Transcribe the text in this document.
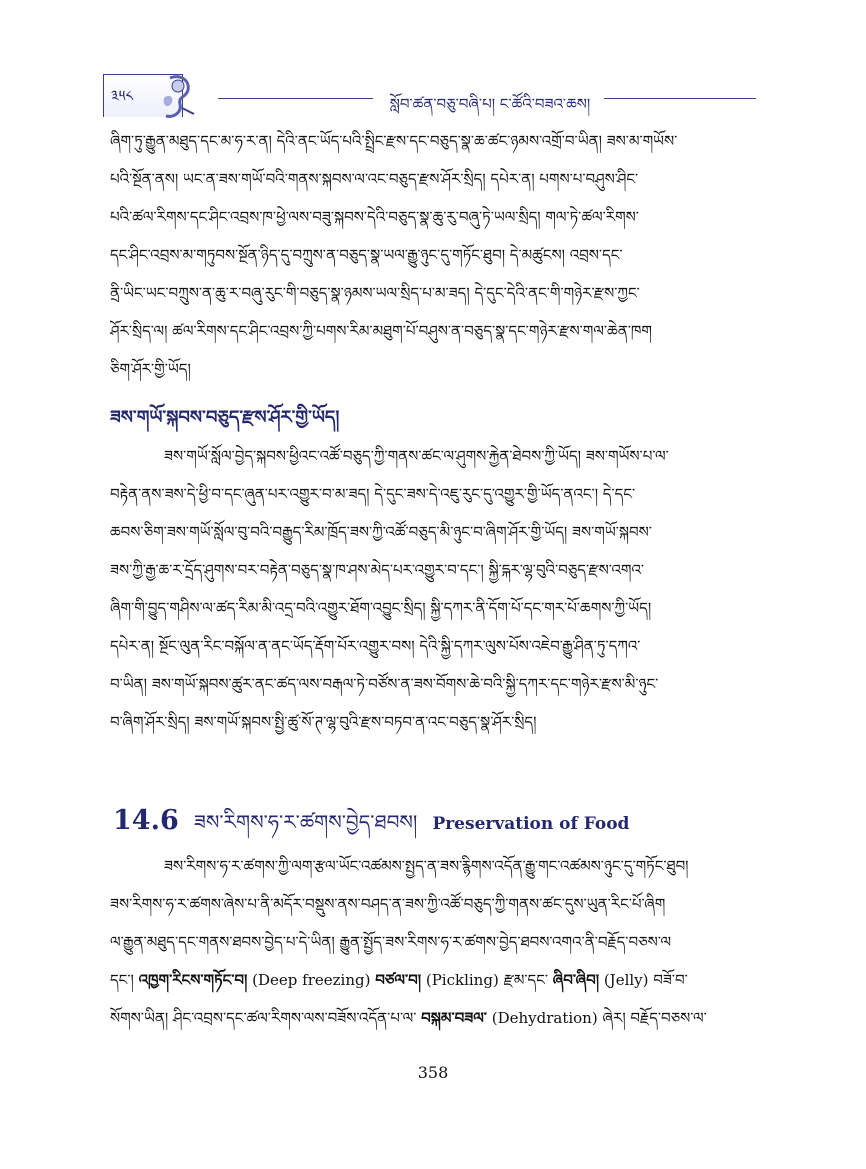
༣༥༨	སློབ་ཚན་བཅུ་བཞི་པ། ང་ཚོའི་བཟའ་ཆས།
ཞིག་ཏུ་རྒྱུན་མཐུད་དང་མ་ཧ་ར་ན། དེའི་ནང་ཡོད་པའི་སྤྲིང་རྫས་དང་བཅུད་སྣ་ཆ་ཚང་ཉམས་འགྲོ་བ་ཡིན། ཟས་མ་གཡོས་
པའི་སྔོན་ནས། ཡང་ན་ཟས་གཡོ་བའི་གནས་སྐབས་ལ་འང་བཅུད་རྫས་ཤོར་སྲིད། དཔེར་ན། པགས་པ་བཤུས་ཤིང་
པའི་ཚལ་རིགས་དང་ཤིང་འབྲས་ཁ་ཕྱེ་ལས་བཟུ་སྐབས་དེའི་བཅུད་སྣ་ཆུ་རུ་བཞུ་ཏེ་ཡལ་སྲིད། གལ་ཏེ་ཚལ་རིགས་
དང་ཤིང་འབྲས་མ་གཏུབས་སྔོན་ཉིད་དུ་བཀྲུས་ན་བཅུད་སྣ་ཡལ་རྒྱུ་ཉུང་དུ་གཏོང་ཐུབ། དེ་མཚུངས། འབྲས་དང་
ནྲི་ཡིང་ཡང་བཀྲུས་ན་ཆུ་ར་བཞུ་རུང་གི་བཅུད་སྣ་ཉམས་ཡལ་སྲིད་པ་མ་ཟད། དེ་དུང་དེའི་ནང་གི་གཉེར་རྫས་ཀྱང་
ཤོར་སྲིད་ལ། ཚལ་རིགས་དང་ཤིང་འབྲས་ཀྱི་པགས་རིམ་མཐུག་པོ་བཤུས་ན་བཅུད་སྣ་དང་གཉེར་རྫས་གལ་ཆེན་ཁག
ཅིག་ཤོར་གྱི་ཡོད།
ཟས་གཡོ་སྐབས་བཅུད་རྫས་ཤོར་གྱི་ཡོད།
ཟས་གཡོ་སློལ་བྱེད་སྐབས་ཕྱིའང་འཚོ་བཅུད་ཀྱི་གནས་ཚང་ལ་ཤུགས་རྐྱེན་ཐེབས་ཀྱི་ཡོད། ཟས་གཡོས་པ་ལ་
བརྟེན་ནས་ཟས་དེ་ཕྱི་བ་དང་ཞུན་པར་འགྱུར་བ་མ་ཟད། དེ་དུང་ཟས་དེ་འཇུ་རུང་དུ་འགྱུར་གྱི་ཡོད་ནའང་། དེ་དང་
ཆབས་ཅིག་ཟས་གཡོ་སློལ་བུ་བའི་བརྒྱུད་རིམ་ཁྲོད་ཟས་ཀྱི་འཚོ་བཅུད་མི་ཉུང་བ་ཞིག་ཤོར་གྱི་ཡོད། ཟས་གཡོ་སྐབས་
ཟས་ཀྱི་རྒྱ་ཆ་ར་དྲོད་ཤུགས་བར་བརྟེན་བཅུད་སྣ་ཁ་ཤས་མེད་པར་འགྱུར་བ་དང་། སྐྱི་དྐར་ལྷ་བུའི་བཅུད་རྫས་འགའ་
ཞིག་གི་བྱུད་གཤིས་ལ་ཚད་རིམ་མི་འདྲ་བའི་འགྱུར་ཐོག་འབྱུང་སྲིད། སྐྱི་དཀར་ནི་དོག་པོ་དང་གར་པོ་ཆགས་ཀྱི་ཡོད།
དཔེར་ན། སྔོང་ལུན་རིང་བསྐོལ་ན་ནང་ཡོད་རྡོག་པོར་འགྱུར་བས། དེའི་སྐྱི་དཀར་ལུས་པོས་འཇེབ་རྒྱུ་ཤིན་ཏུ་དཀའ་
བ་ཡིན། ཟས་གཡོ་སྐབས་ཚུར་ནང་ཚད་ལས་བརྒལ་ཏེ་བཙོས་ན་ཟས་བོགས་ཆེ་བའི་སྐྱི་དཀར་དང་གཉེར་རྫས་མི་ཉུང་
བ་ཞིག་ཤོར་སྲིད། ཟས་གཡོ་སྐབས་སྤྱི་ཚུ་སོ་ཊ་ལྷ་བུའི་རྫས་བཏབ་ན་འང་བཅུད་སྣ་ཤོར་སྲིད།
14.6 ཟས་རིགས་ཧ་ར་ཚགས་བྱེད་ཐབས། Preservation of Food
ཟས་རིགས་ཧ་ར་ཚགས་ཀྱི་ལག་རྩལ་ཡོང་འཚམས་སྤྱད་ན་ཟས་རྙིགས་འདོན་རྒྱུ་གང་འཚམས་ཉུང་དུ་གཏོང་ཐུབ།
ཟས་རིགས་ཧ་ར་ཚགས་ཞེས་པ་ནི་མདོར་བསྡུས་ནས་བཤད་ན་ཟས་ཀྱི་འཚོ་བཅུད་ཀྱི་གནས་ཚང་དུས་ཡུན་རིང་པོ་ཞིག
ལ་རྒྱུན་མཐུད་དང་གནས་ཐབས་བྱེད་པ་དེ་ཡིན། རྒྱུན་སྤྱོད་ཟས་རིགས་ཧ་ར་ཚགས་བྱེད་ཐབས་འགའ་ནི་བརྗོད་བཅས་ལ
དང་། འཁྱག་རིངས་གཏོང་བ། (Deep freezing) བཙལ་བ། (Pickling) རྫམ་དང་ ཞིབ་ཞིབ། (Jelly) བཟོ་བ་
སོགས་ཡིན། ཤིང་འབྲས་དང་ཚལ་རིགས་ལས་བཟོས་འདོན་པ་ལ་ བསྐམ་བཟལ་ (Dehydration) ཞེར། བརྗོད་བཅས་ལ་
358
